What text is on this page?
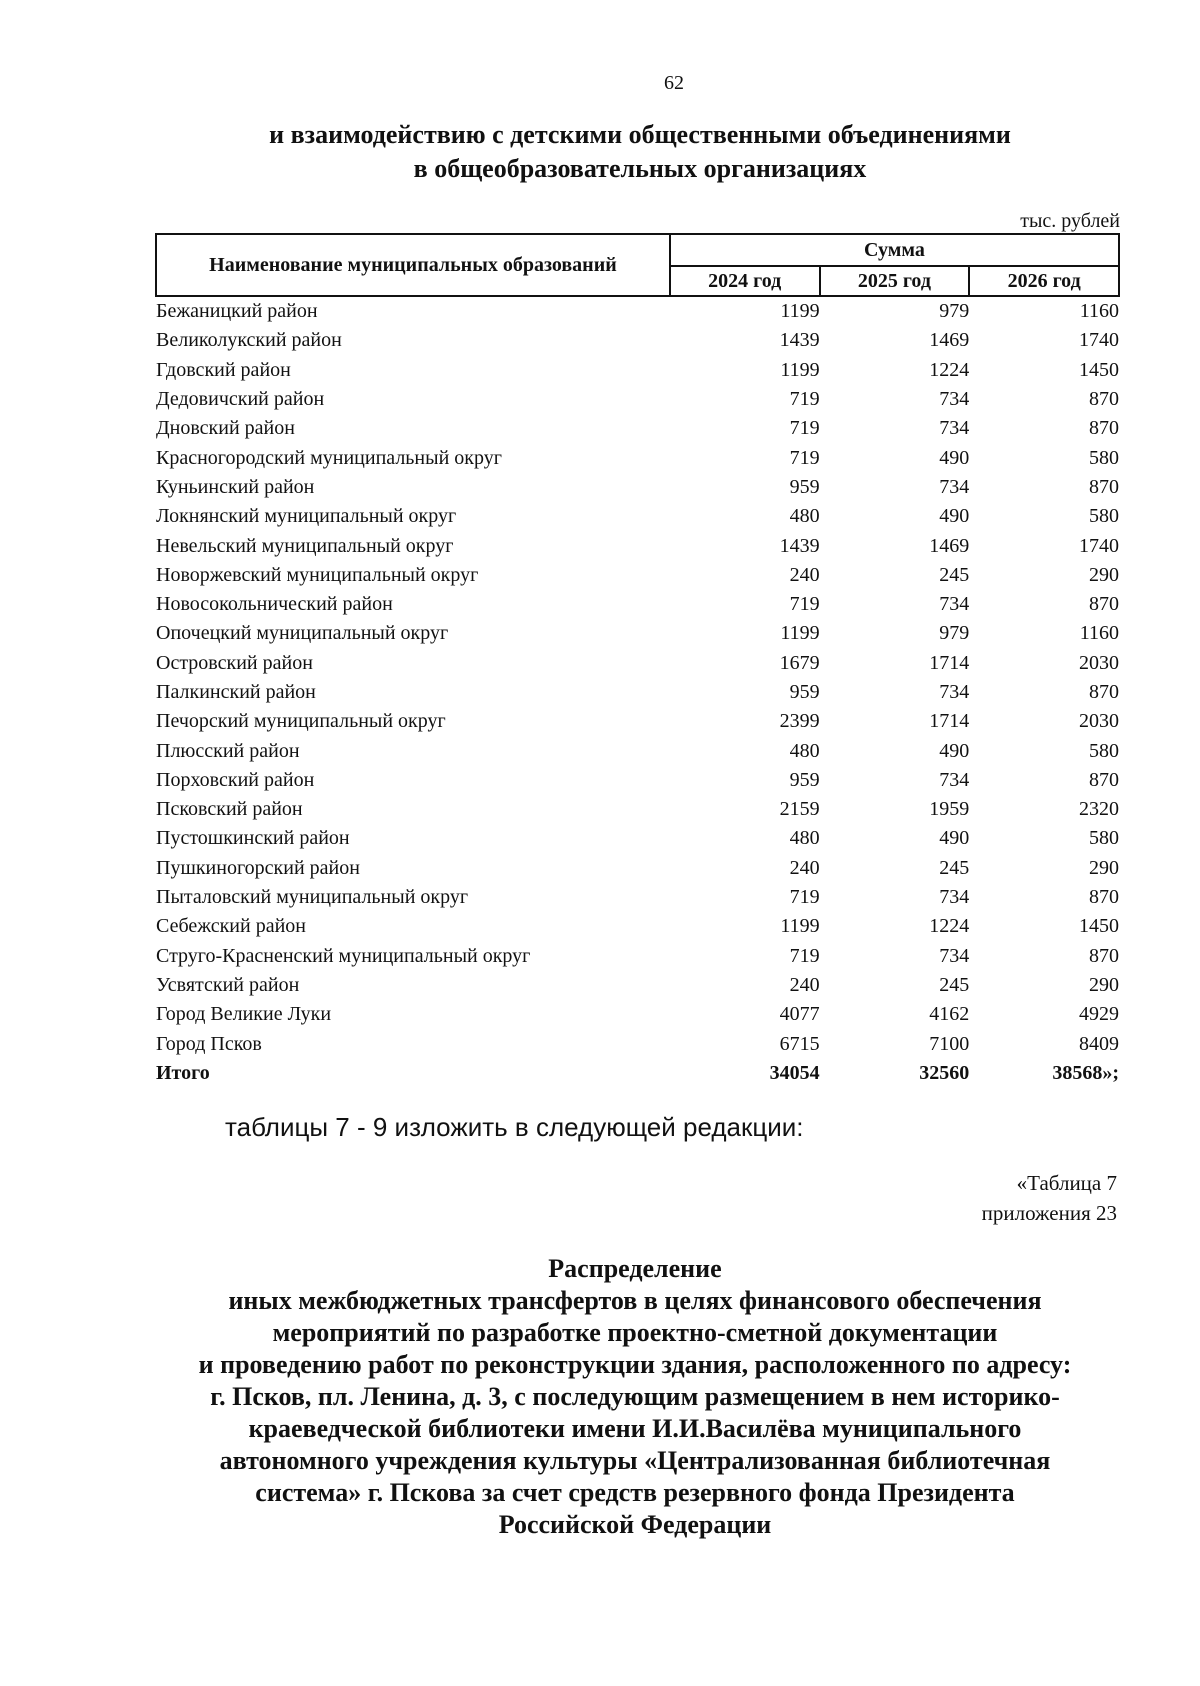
62
и взаимодействию с детскими общественными объединениями
в общеобразовательных организациях
тыс. рублей
Наименование муниципальных образований	Сумма		
	2024 год	2025 год	2026 год
Бежаницкий район	1199	979	1160
Великолукский район	1439	1469	1740
Гдовский район	1199	1224	1450
Дедовичский район	719	734	870
Дновский район	719	734	870
Красногородский муниципальный округ	719	490	580
Куньинский район	959	734	870
Локнянский муниципальный округ	480	490	580
Невельский муниципальный округ	1439	1469	1740
Новоржевский муниципальный округ	240	245	290
Новосокольнический район	719	734	870
Опочецкий муниципальный округ	1199	979	1160
Островский район	1679	1714	2030
Палкинский район	959	734	870
Печорский муниципальный округ	2399	1714	2030
Плюсский район	480	490	580
Порховский район	959	734	870
Псковский район	2159	1959	2320
Пустошкинский район	480	490	580
Пушкиногорский район	240	245	290
Пыталовский муниципальный округ	719	734	870
Себежский район	1199	1224	1450
Струго-Красненский муниципальный округ	719	734	870
Усвятский район	240	245	290
Город Великие Луки	4077	4162	4929
Город Псков	6715	7100	8409
Итого	34054	32560	38568»;
таблицы 7 - 9 изложить в следующей редакции:
«Таблица 7
приложения 23
Распределение
иных межбюджетных трансфертов в целях финансового обеспечения
мероприятий по разработке проектно-сметной документации
и проведению работ по реконструкции здания, расположенного по адресу:
г. Псков, пл. Ленина, д. 3, с последующим размещением в нем историко-
краеведческой библиотеки имени И.И.Василёва муниципального
автономного учреждения культуры «Централизованная библиотечная
система» г. Пскова за счет средств резервного фонда Президента
Российской Федерации
